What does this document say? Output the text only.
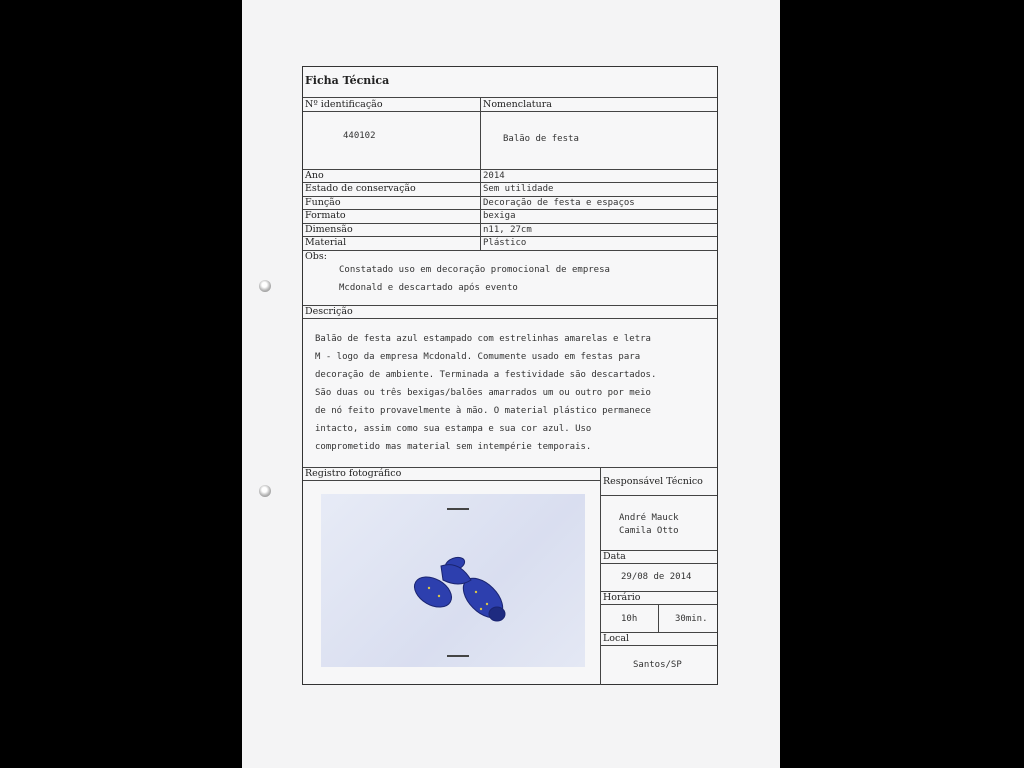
Ficha Técnica
Nº identificação	Nomenclatura
440102	Balão de festa
Ano	2014
Estado de conservação	Sem utilidade
Função	Decoração de festa e espaços
Formato	bexiga
Dimensão	n11, 27cm
Material	Plástico
Obs:
Constatado uso em decoração promocional de empresa
Mcdonald e descartado após evento
Descrição
Balão de festa azul estampado com estrelinhas amarelas e letra
M - logo da empresa Mcdonald. Comumente usado em festas para
decoração de ambiente. Terminada a festividade são descartados.
São duas ou três bexigas/balões amarrados um ou outro por meio
de nó feito provavelmente à mão. O material plástico permanece
intacto, assim como sua estampa e sua cor azul. Uso
comprometido mas material sem intempérie temporais.
Registro fotográfico
Responsável Técnico
André Mauck
Camila Otto
Data
29/08 de 2014
Horário
10h	30min.
Local
Santos/SP
